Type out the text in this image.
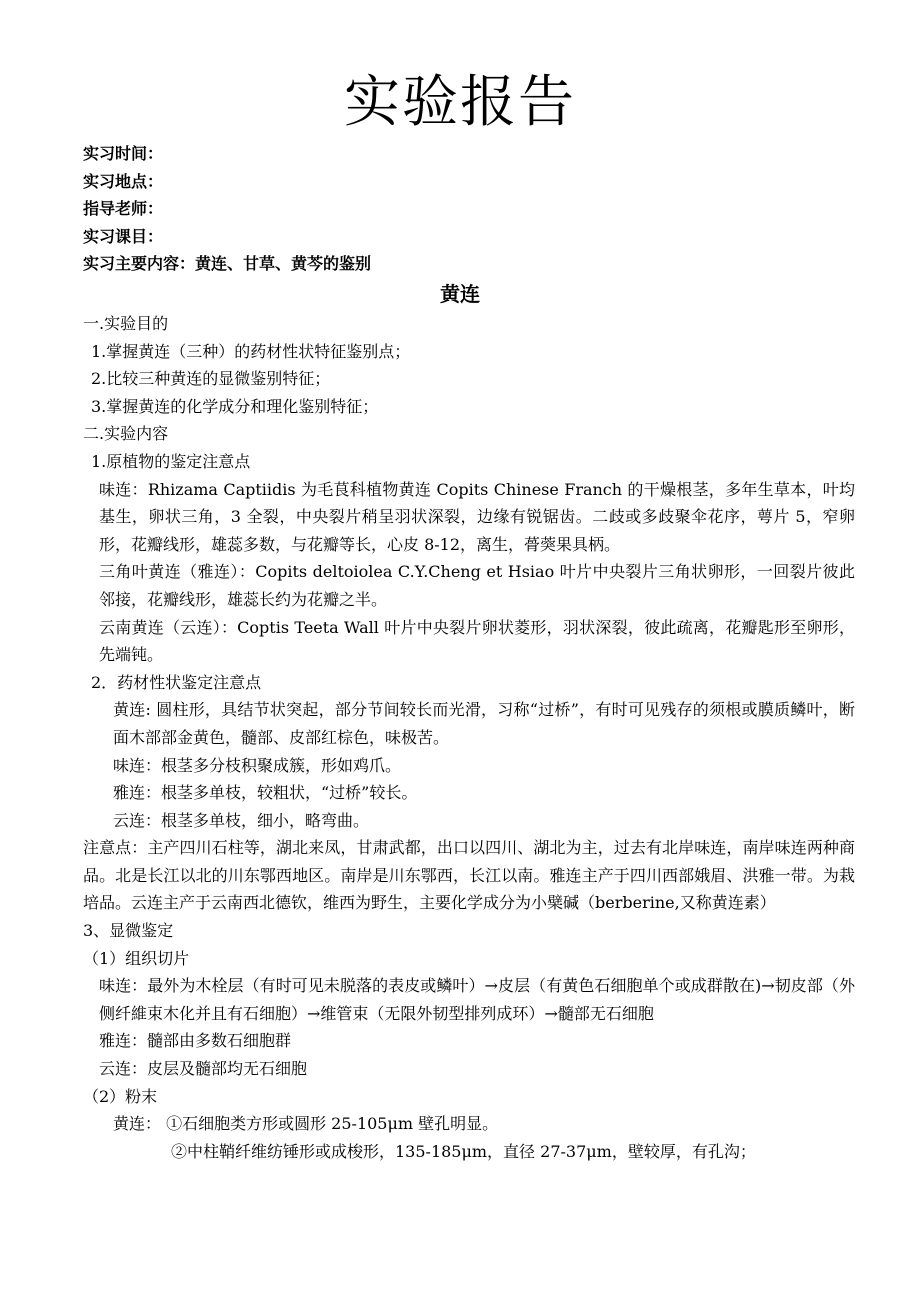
实验报告
实习时间：
实习地点：
指导老师：
实习课目：
实习主要内容：黄连、甘草、黄芩的鉴别
黄连

一.实验目的

1.掌握黄连（三种）的药材性状特征鉴别点；

2.比较三种黄连的显微鉴别特征；

3.掌握黄连的化学成分和理化鉴别特征；

二.实验内容

1.原植物的鉴定注意点

味连：Rhizama Captiidis 为毛茛科植物黄连 Copits Chinese Franch 的干燥根茎，多年生草本，叶均基生，卵状三角，3 全裂，中央裂片稍呈羽状深裂，边缘有锐锯齿。二歧或多歧聚伞花序，萼片 5，窄卵形，花瓣线形，雄蕊多数，与花瓣等长，心皮 8-12，离生，蓇葖果具柄。

三角叶黄连（雅连）：Copits deltoiolea C.Y.Cheng et Hsiao 叶片中央裂片三角状卵形，一回裂片彼此邻接，花瓣线形，雄蕊长约为花瓣之半。

云南黄连（云连）：Coptis Teeta Wall 叶片中央裂片卵状菱形，羽状深裂，彼此疏离，花瓣匙形至卵形，先端钝。

2．药材性状鉴定注意点

黄连: 圆柱形，具结节状突起，部分节间较长而光滑，习称“过桥”，有时可见残存的须根或膜质鳞叶，断面木部部金黄色，髓部、皮部红棕色，味极苦。

味连：根茎多分枝积聚成簇，形如鸡爪。

雅连：根茎多单枝，较粗状，“过桥”较长。

云连：根茎多单枝，细小，略弯曲。

注意点：主产四川石柱等，湖北来凤，甘肃武都，出口以四川、湖北为主，过去有北岸味连，南岸味连两种商品。北是长江以北的川东鄂西地区。南岸是川东鄂西，长江以南。雅连主产于四川西部娥眉、洪雅一带。为栽培品。云连主产于云南西北德钦，维西为野生，主要化学成分为小檗碱（berberine,又称黄连素）

3、显微鉴定

（1）组织切片

味连：最外为木栓层（有时可见未脱落的表皮或鳞叶）→皮层（有黄色石细胞单个或成群散在)→韧皮部（外侧纤維束木化并且有石细胞）→维管束（无限外韧型排列成环）→髓部无石细胞

雅连：髓部由多数石细胞群

云连：皮层及髓部均无石细胞

（2）粉末

黄连： ①石细胞类方形或圆形 25-105μm 壁孔明显。

②中柱鞘纤维纺锤形或成梭形，135-185μm，直径 27-37μm，壁较厚，有孔沟；
